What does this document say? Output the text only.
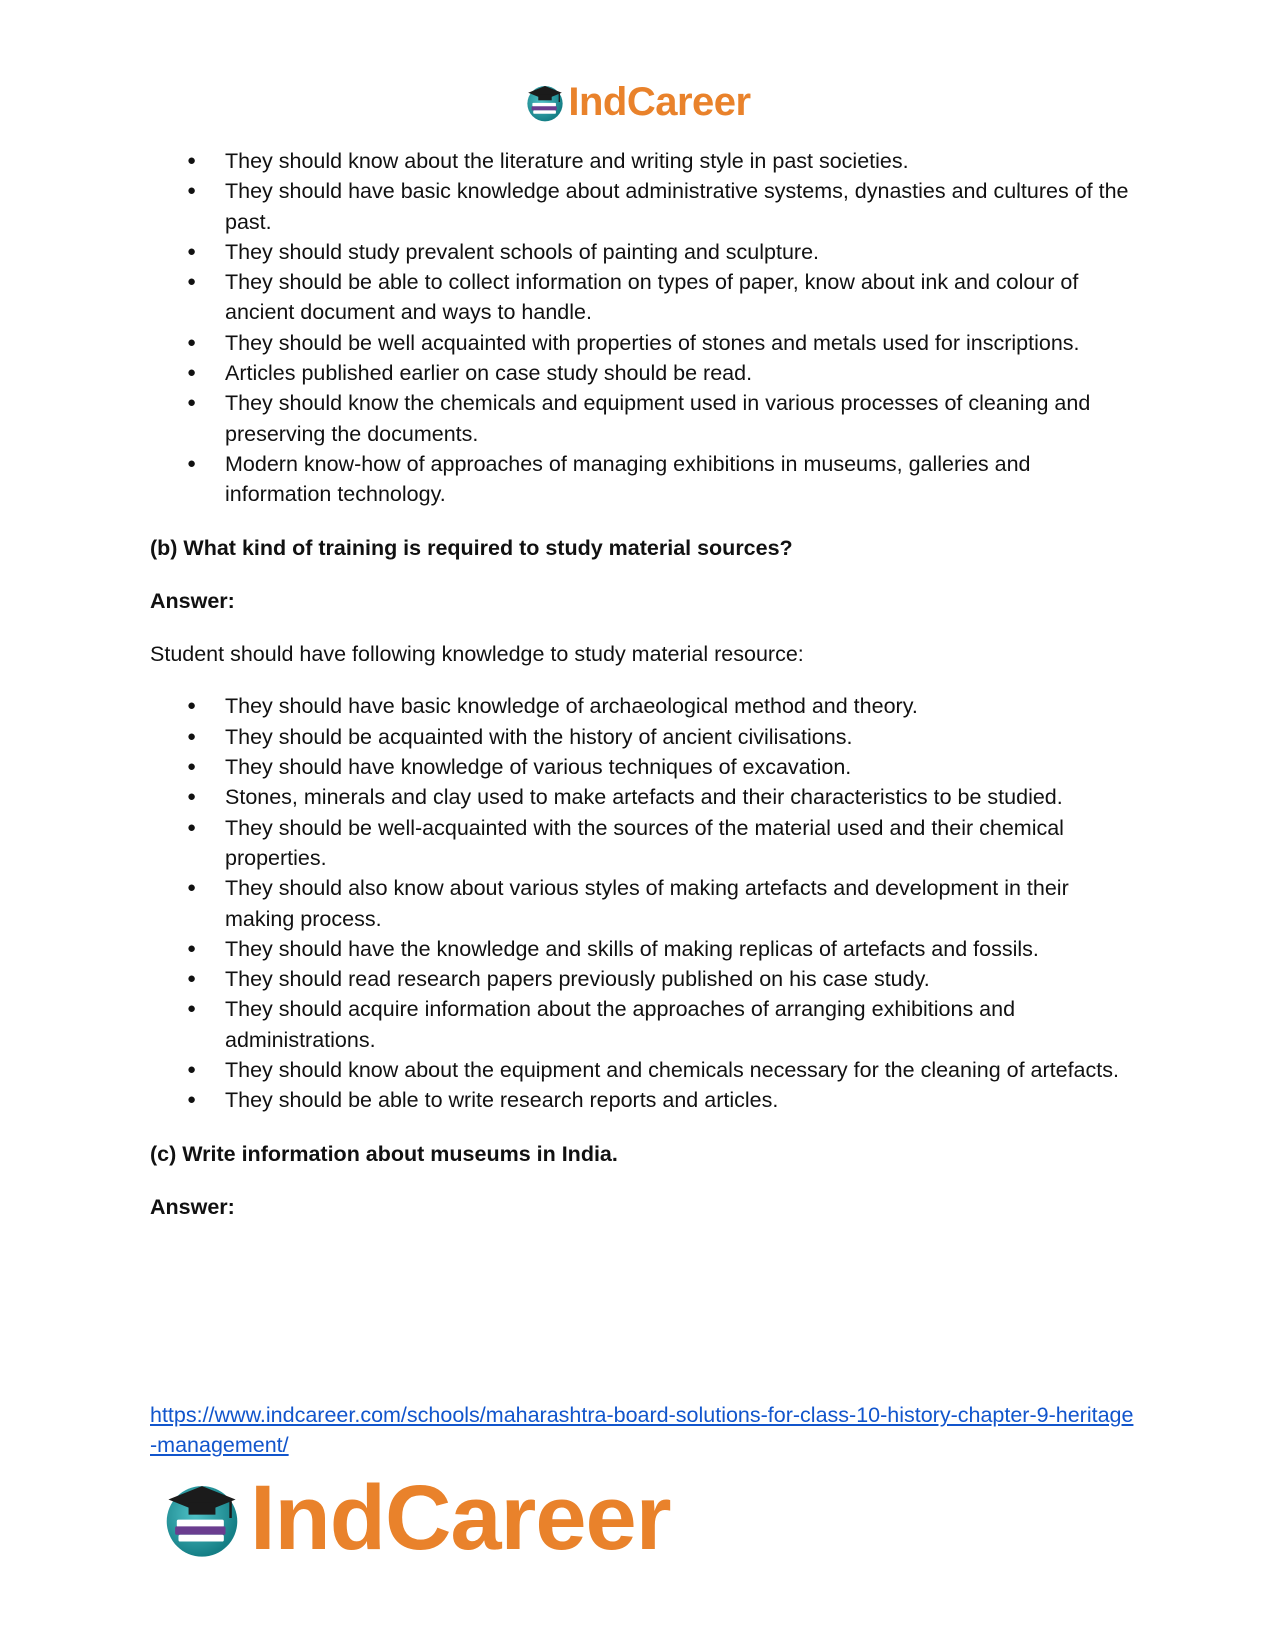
IndCareer
● They should know about the literature and writing style in past societies.
● They should have basic knowledge about administrative systems, dynasties and cultures of the past.
● They should study prevalent schools of painting and sculpture.
● They should be able to collect information on types of paper, know about ink and colour of ancient document and ways to handle.
● They should be well acquainted with properties of stones and metals used for inscriptions.
● Articles published earlier on case study should be read.
● They should know the chemicals and equipment used in various processes of cleaning and preserving the documents.
● Modern know-how of approaches of managing exhibitions in museums, galleries and information technology.

(b) What kind of training is required to study material sources?

Answer:

Student should have following knowledge to study material resource:

● They should have basic knowledge of archaeological method and theory.
● They should be acquainted with the history of ancient civilisations.
● They should have knowledge of various techniques of excavation.
● Stones, minerals and clay used to make artefacts and their characteristics to be studied.
● They should be well-acquainted with the sources of the material used and their chemical properties.
● They should also know about various styles of making artefacts and development in their making process.
● They should have the knowledge and skills of making replicas of artefacts and fossils.
● They should read research papers previously published on his case study.
● They should acquire information about the approaches of arranging exhibitions and administrations.
● They should know about the equipment and chemicals necessary for the cleaning of artefacts.
● They should be able to write research reports and articles.

(c) Write information about museums in India.

Answer:

https://www.indcareer.com/schools/maharashtra-board-solutions-for-class-10-history-chapter-9-heritage-management/
IndCareer
